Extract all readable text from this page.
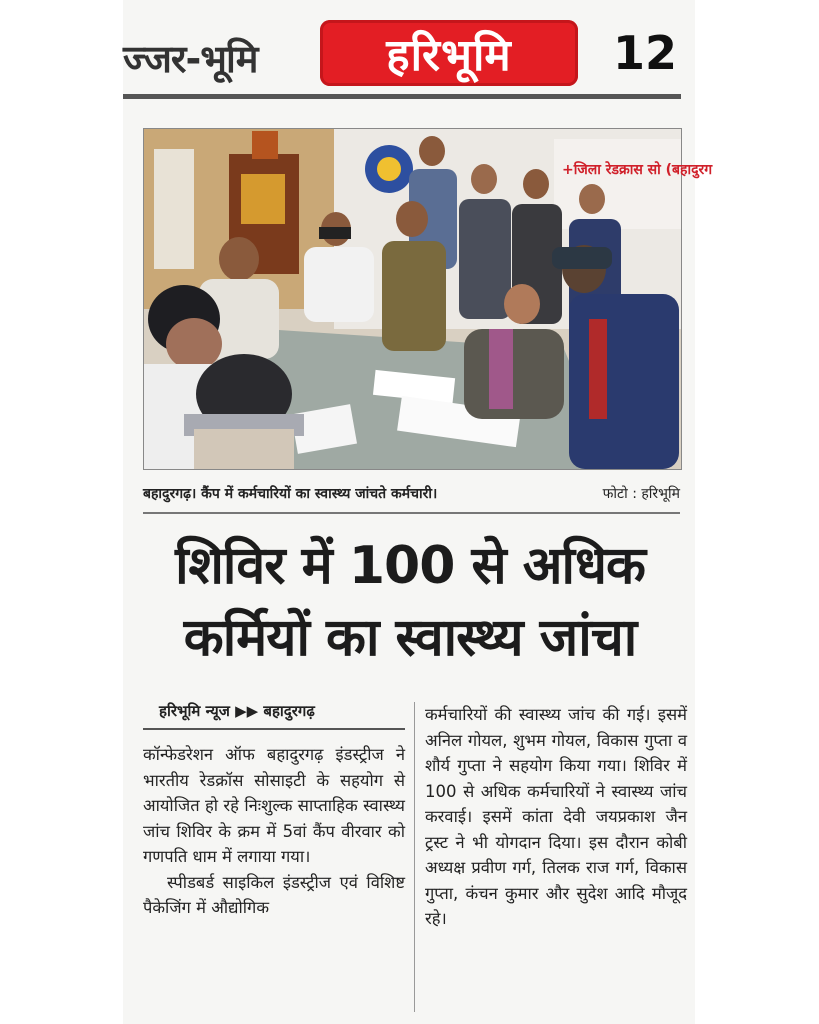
ज्जर-भूमि	हरिभूमि 12
+जिला रेडक्रास सो (बहादुरग
बहादुरगढ़। कैंप में कर्मचारियों का स्वास्थ्य जांचते कर्मचारी।	फोटो : हरिभूमि
शिविर में 100 से अधिक
कर्मियों का स्वास्थ्य जांचा
हरिभूमि न्यूज ▶▶ बहादुरगढ़

कॉन्फेडरेशन ऑफ बहादुरगढ़ इंडस्ट्रीज ने भारतीय रेडक्रॉस सोसाइटी के सहयोग से आयोजित हो रहे निःशुल्क साप्ताहिक स्वास्थ्य जांच शिविर के क्रम में 5वां कैंप वीरवार को गणपति धाम में लगाया गया।

स्पीडबर्ड साइकिल इंडस्ट्रीज एवं विशिष्ट पैकेजिंग में औद्योगिक

कर्मचारियों की स्वास्थ्य जांच की गई। इसमें अनिल गोयल, शुभम गोयल, विकास गुप्ता व शौर्य गुप्ता ने सहयोग किया गया। शिविर में 100 से अधिक कर्मचारियों ने स्वास्थ्य जांच करवाई। इसमें कांता देवी जयप्रकाश जैन ट्रस्ट ने भी योगदान दिया। इस दौरान कोबी अध्यक्ष प्रवीण गर्ग, तिलक राज गर्ग, विकास गुप्ता, कंचन कुमार और सुदेश आदि मौजूद रहे।
